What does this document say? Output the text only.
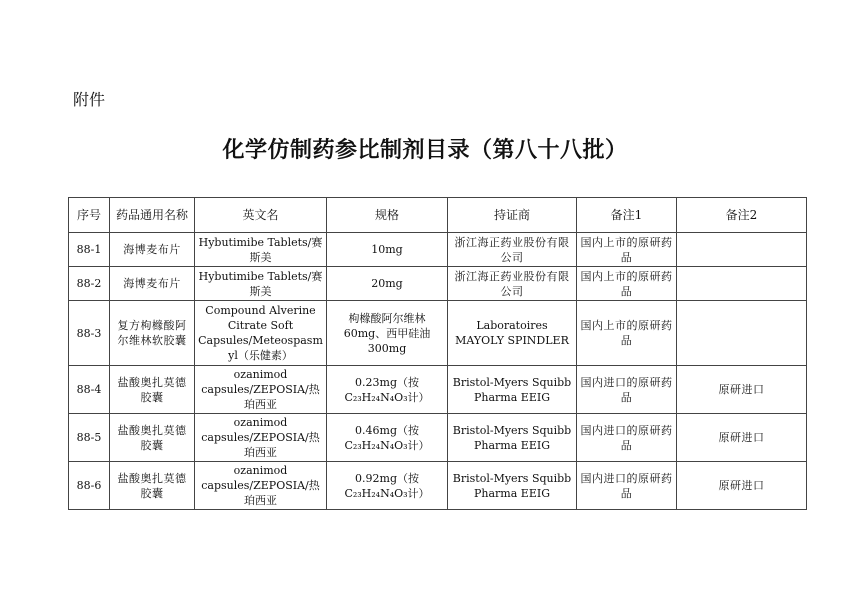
附件
化学仿制药参比制剂目录（第八十八批）
序号	药品通用名称	英文名	规格	持证商	备注1	备注2
88-1	海博麦布片	Hybutimibe Tablets/赛斯美	10mg	浙江海正药业股份有限公司	国内上市的原研药品	
88-2	海博麦布片	Hybutimibe Tablets/赛斯美	20mg	浙江海正药业股份有限公司	国内上市的原研药品	
88-3	复方枸橼酸阿尔维林软胶囊	Compound Alverine Citrate Soft Capsules/Meteospasmyl（乐健素）	枸橼酸阿尔维林60mg、西甲硅油300mg	Laboratoires MAYOLY SPINDLER	国内上市的原研药品	
88-4	盐酸奥扎莫德胶囊	ozanimod capsules/ZEPOSIA/热珀西亚	0.23mg（按C₂₃H₂₄N₄O₃计）	Bristol-Myers Squibb Pharma EEIG	国内进口的原研药品	原研进口
88-5	盐酸奥扎莫德胶囊	ozanimod capsules/ZEPOSIA/热珀西亚	0.46mg（按C₂₃H₂₄N₄O₃计）	Bristol-Myers Squibb Pharma EEIG	国内进口的原研药品	原研进口
88-6	盐酸奥扎莫德胶囊	ozanimod capsules/ZEPOSIA/热珀西亚	0.92mg（按C₂₃H₂₄N₄O₃计）	Bristol-Myers Squibb Pharma EEIG	国内进口的原研药品	原研进口
